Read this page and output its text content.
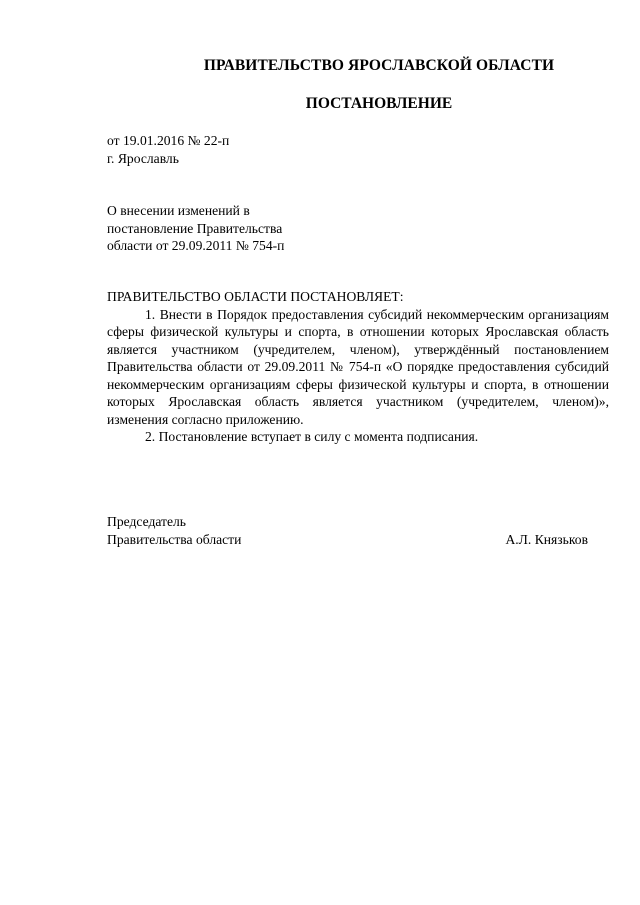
ПРАВИТЕЛЬСТВО ЯРОСЛАВСКОЙ ОБЛАСТИ
ПОСТАНОВЛЕНИЕ
от 19.01.2016 № 22-п
г. Ярославль
О внесении изменений в
постановление Правительства
области от 29.09.2011 № 754-п
ПРАВИТЕЛЬСТВО ОБЛАСТИ ПОСТАНОВЛЯЕТ:

1. Внести в Порядок предоставления субсидий некоммерческим организациям сферы физической культуры и спорта, в отношении которых Ярославская область является участником (учредителем, членом), утверждённый постановлением Правительства области от 29.09.2011 № 754-п «О порядке предоставления субсидий некоммерческим организациям сферы физической культуры и спорта, в отношении которых Ярославская область является участником (учредителем, членом)», изменения согласно приложению.

2. Постановление вступает в силу с момента подписания.

Председатель
Правительства области	А.Л. Князьков
